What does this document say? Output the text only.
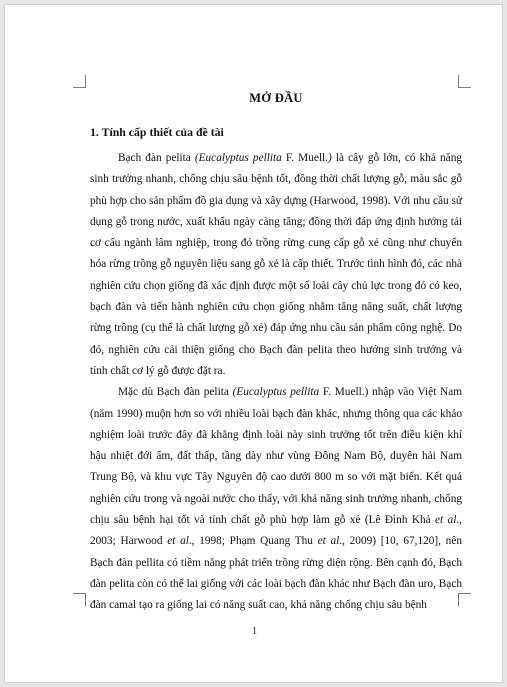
MỞ ĐẦU
1. Tính cấp thiết của đề tài

Bạch đàn pelita (Eucalyptus pellita F. Muell.) là cây gỗ lớn, có khả năng sinh trưởng nhanh, chống chịu sâu bệnh tốt, đồng thời chất lượng gỗ, màu sắc gỗ phù hợp cho sản phẩm đồ gia dụng và xây dựng (Harwood, 1998). Với nhu cầu sử dụng gỗ trong nước, xuất khẩu ngày càng tăng; đồng thời đáp ứng định hướng tái cơ cấu ngành lâm nghiệp, trong đó trồng rừng cung cấp gỗ xẻ cũng như chuyển hóa rừng trồng gỗ nguyên liệu sang gỗ xẻ là cấp thiết. Trước tình hình đó, các nhà nghiên cứu chọn giống đã xác định được một số loài cây chủ lực trong đó có keo, bạch đàn và tiến hành nghiên cứu chọn giống nhằm tăng năng suất, chất lượng rừng trồng (cụ thể là chất lượng gỗ xẻ) đáp ứng nhu cầu sản phẩm công nghệ. Do đó, nghiên cứu cải thiện giống cho Bạch đàn pelita theo hướng sinh trưởng và tính chất cơ lý gỗ được đặt ra.

Mặc dù Bạch đàn pelita (Eucalyptus pellita F. Muell.) nhập vào Việt Nam (năm 1990) muộn hơn so với nhiều loài bạch đàn khác, nhưng thông qua các khảo nghiệm loài trước đây đã khẳng định loài này sinh trưởng tốt trên điều kiện khí hậu nhiệt đới ẩm, đất thấp, tầng dày như vùng Đông Nam Bộ, duyên hải Nam Trung Bộ, và khu vực Tây Nguyên độ cao dưới 800 m so với mặt biển. Kết quả nghiên cứu trong và ngoài nước cho thấy, với khả năng sinh trưởng nhanh, chống chịu sâu bệnh hại tốt và tính chất gỗ phù hợp làm gỗ xẻ (Lê Đình Khả et al., 2003; Harwood et al., 1998; Phạm Quang Thu et al., 2009) [10, 67,120], nên Bạch đàn pellita có tiềm năng phát triển trồng rừng diện rộng. Bên cạnh đó, Bạch đàn pelita còn có thể lai giống với các loài bạch đàn khác như Bạch đàn uro, Bạch đàn camal tạo ra giống lai có năng suất cao, khả năng chống chịu sâu bệnh

1
